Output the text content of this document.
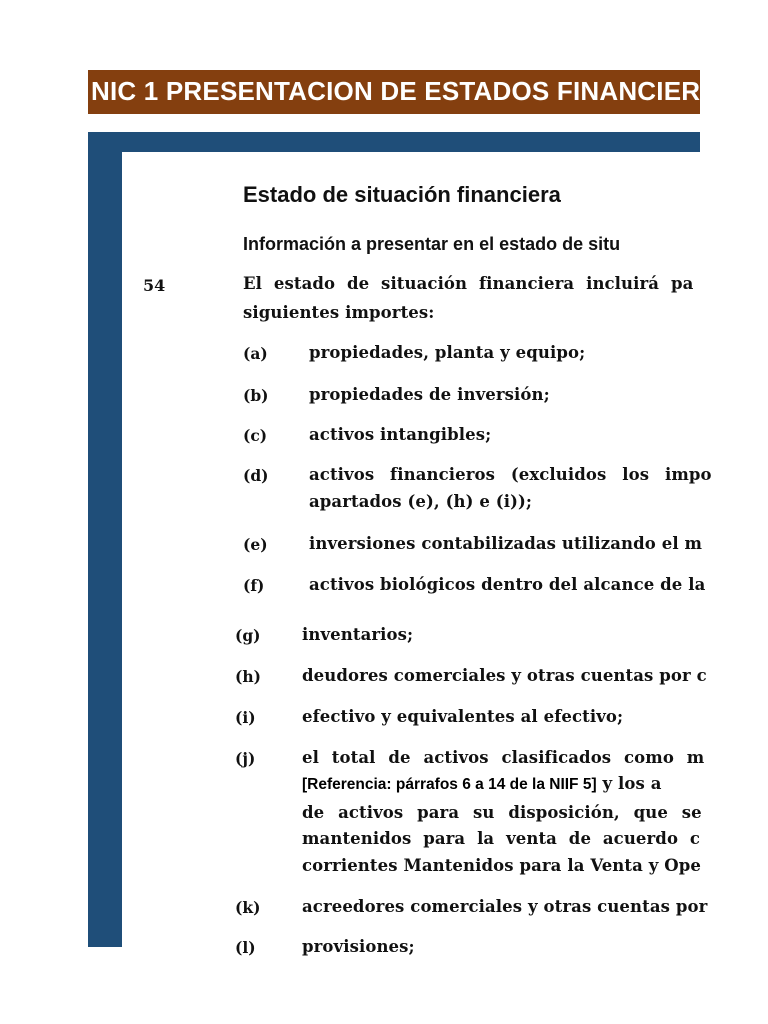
NIC 1 PRESENTACION DE ESTADOS FINANCIEROS
Estado de situación financiera
Información a presentar en el estado de situ
54	El estado de situación financiera incluirá pa
siguientes importes:
(a)	propiedades, planta y equipo;
(b) propiedades de inversión;
(c)	activos intangibles;
(d) activos financieros (excluidos los impo
apartados (e), (h) e (i));
(e)	inversiones contabilizadas utilizando el m
(f)	activos biológicos dentro del alcance de la
(g)	inventarios;
(h) deudores comerciales y otras cuentas por c
(i)	efectivo y equivalentes al efectivo;
(j)	el total de activos clasificados como m
[Referencia: párrafos 6 a 14 de la NIIF 5] y los a
de activos para su disposición, que se
mantenidos para la venta de acuerdo c
corrientes Mantenidos para la Venta y Ope
(k)	acreedores comerciales y otras cuentas por
(l)	provisiones;
